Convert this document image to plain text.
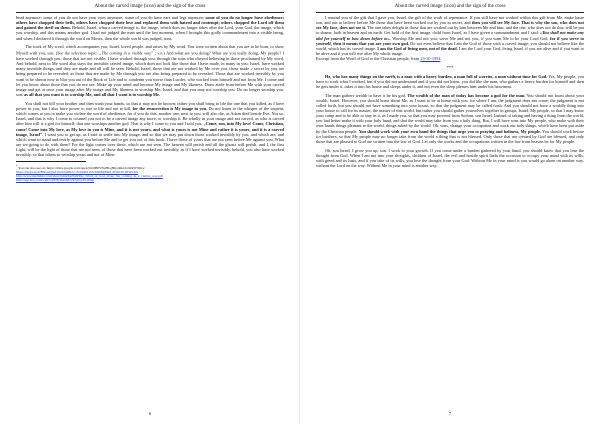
About the carved image (icon) and the sign of the cross

head anymore; some of you do not have your eyes anymore; some of you do have ears and legs anymore; some of you do no longer have obedience; others have chopped their bells, others have chopped their love and replaced them with hatred and contempt; others chopped the Lord off them and gained the devil on them. Behold, Israel, what a carved image is, the image, which does no longer takes after the Lord, your God, the image, which you worship, and this means another god. I had not judged the man until the last moment, when I brought this godly commandment into a visible being, and when I declared it through the word on Moses, then the whole world was judged, sons.

The work of My word, which accompanies you, Israel, loved people, and arises by My word. You were written about that you are to be born, to show Myself with you, son. (See the selection topic: „The coming in a visible way"*; v.n.) And what are you doing? What are you really doing, My people? I have worked through you, those that are not visible; I have worked through you, through the sons who obeyed believing in those proclaimed by My word. And behold, next to My word also stays the invisible carved image, which does not look like those that I have made, in many in you, Israel, have worked many invisible things, and they are made and all will be seen. Behold, Israel, those that are not worked by Me over you, those made « secret by you are being prepared to be revealed, as those that are made by Me through you are also being prepared to be revealed. Those that are worked invisibly by you want to be shown now to blot you out of the Book of Life and to condemn you worse than Lucifer, who worked from himself and not from Me. I come and let you know about those that you do not see. Make up your mind and become My image and My likeness. Draw aside from before Me with your carved image and get at once your image after My image and My likeness to worship Me, Israel, and that you may not worship you. Do no longer worship you, son, as all that you want is to worship Me, and all that I want is to worship Me.

You shall not kill your brother and then wash your hands, so that it may not be known; rather you shall bring to life the one that you killed, as I have power in you, but I also have power to rise to life and not to kill, for the resurrection is My image in you. Do not listen to the whisper of the serpent, which comes at you to make you violate the word of obedience, for if you do this, another one, next to you, will also die, as Adam died beside Eve. Not so, Israel, and that is why I come to counsel you not to be a carved image any more, or worship it. Be wholly in your image and not carved, as who is carved after him will is a god for himself; that one worships another god. That is why I come to you and I told you, „Come, son, into My love! Come, Christian, come! Come into My love, as My love in you is Mine, and it is not yours, and what is yours is not Mine and rather it is yours, and it is a carved image, Israel". I want you to get up, as I said to settle into My image, and so that we may put down those worked invisibly by you, and which are, and which want to stand and testify against you before Me and to get you out of this book. I have those of yours that are not seen before Me against you. What are we going to do with them? For the light comes over these, which are not seen. The heaven will perish and all the ghosts will perish, and I, the first Light, will be the light of those that are not seen, of those that have been worked out invisibly, as if I have worked invisibly, behold, you also have worked invisibly, so that others to worship yours and not of Mine.

* You can also see on: https://drive.google.com/open?id=0B0VNeHLg8PpoRk1ZzdvRjVNInw
https://mega.nz/#!BNowQbsC#wmbjn8UU-XoDnRd1b5oDMBgB4H_PNOOY3fFaEt4Ju
http://www.mediafire.com/view/6ciuz6423a8/The_Word_of_God_about_the_coming_in_a_visible_way.pdf
http://app.box.com/s/gh7a3JDIymar4vlv2k7s6vadt1ehbgt
6
About the carved image (icon) and the sign of the cross

I remind you of the gift that I gave you, Israel, the gift of the work of repentance. If you still have not worked within this gift from Me, make haste son, and run to believe before Me those that have been worked out by you in secret, and then you will see My face. That is why the son, who does not see My face, does not see it. The one takes delight in those that are worked out by him between Me and him, and the one, who does not do this, will be put to shame, both in heaven and on earth. Get hold of the first image, child from Israel, as I have given a commandment and I said: «You shall not make any idol for yourself to bow down before to». Worship Me and not you; serve Me and not you, if you want Me to be your Lord God, for if you serve to yourself, then it means that you are your own god. Do not even believe that I am the God of those with a carved image; you should not believe like the world, which has its carved image. I am the God of living men, not of the dead. I am the Lord your God, living Israel, if you are alive and if you want to be alive and if you will rise after My whole image.
Excerpt from the Word of God to the Christian people, from 23-10-1994.

***

He, who has many things on the earth, is a man with a heavy burden, a man full of worries, a man without time for God. Yes, My people, you have to work what I worked, but if you did not understand and if you did not listen, you did like the man, who gathers a heavy burden for himself and then he gets under it, takes it into his house and sleeps under it, and not even the sleep pleases him under his heaviness.

The man gathers wealth to have it be his god. The wealth of the man of today has become a god for the man. You should not boast about your wealth, Israel. However, you should boast about Me, as I want to be at home with you, for where I am, the judgment does not come; the judgment is not called forth, but you should not have something into your house, so that the judgment may be called forth. And you should not have a worldly thing into your house to call for its master, the master of this world, but rather you should gather yourselves together in groups, Israel, My people, so that I may know your camp and to be able to stay in it, as I made you, so that you may proceed from Sodom, son Israel. Instead of taking and having a thing from the world, you had better make it with your holy hand, and that the world may take from you a holy thing. But, I will have sons into My people, who make with their own hands things pleasant to the world, things asked by the world. Oh, sons, change your occupation and work out holy things, which have been put aside by the Christian people. You should work with your own hand the things that urge you to praying and holiness, My people. You should work before for brothers, so that My people may no longer take from the world a thing that is not blessed. Only those that are created by God are blessed, and only those that are pleased to God are written into the law of God. Let only the works and the occupations written in the law from heaven be for My people.

Oh, son Israel, I grow you up, son. I work to your growth. If you come under a burden gathered by your hand, you should know that you lose the thought from God. When I am not into your thoughts, children of Israel, the evil and hostile spirit finds the occasion to occupy your mind with its wills, with greed and its lusts, and if you take of its wills, you lose the thought from your God. Without Me in your mind is you would go alone on another way, without the Lord on the way. Without Me in your mind is another way.

7
